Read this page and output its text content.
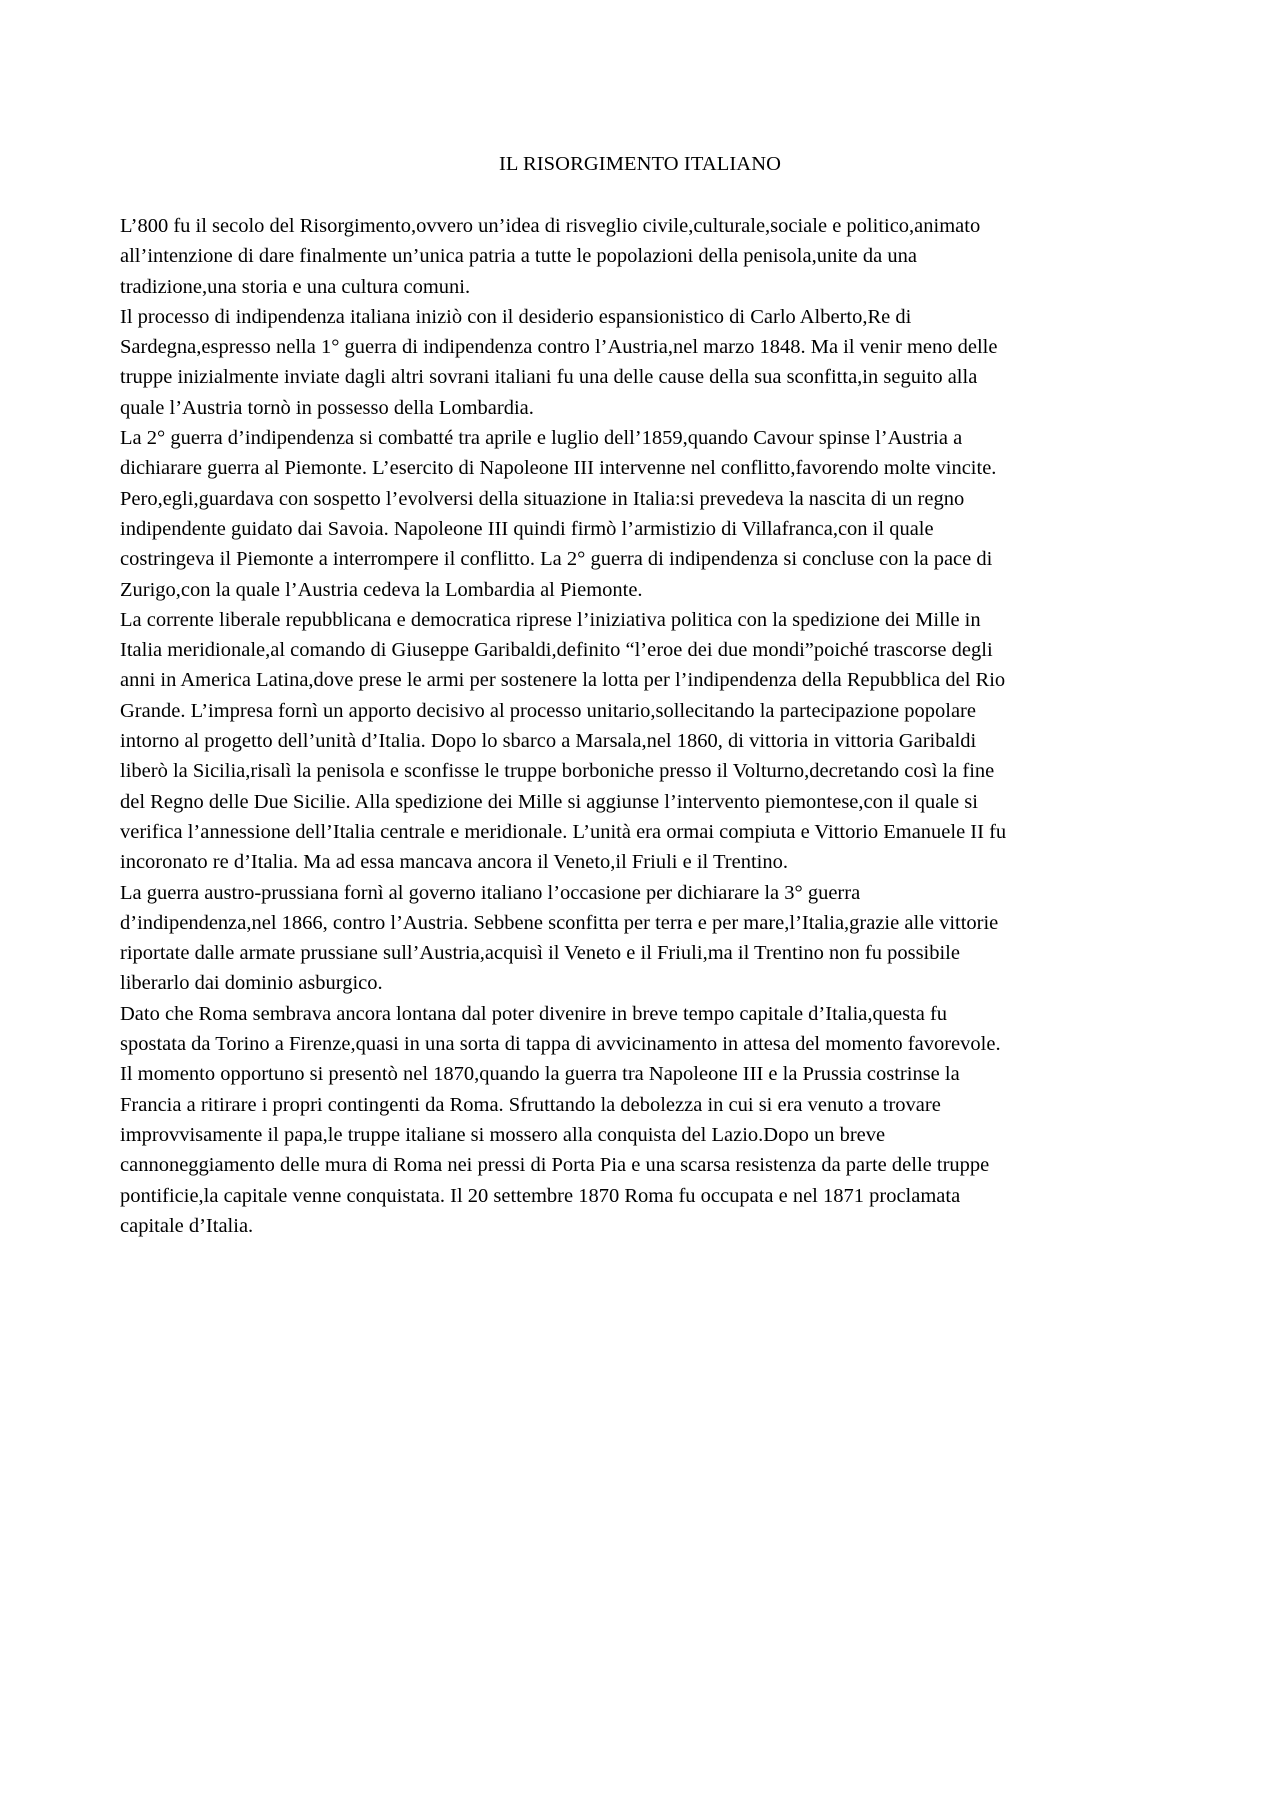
IL RISORGIMENTO ITALIANO
L’800 fu il secolo del Risorgimento,ovvero un’idea di risveglio civile,culturale,sociale e politico,animato
all’intenzione di dare finalmente un’unica patria a tutte le popolazioni della penisola,unite da una
tradizione,una storia e una cultura comuni.
Il processo di indipendenza italiana iniziò con il desiderio espansionistico di Carlo Alberto,Re di
Sardegna,espresso nella 1° guerra di indipendenza contro l’Austria,nel marzo 1848. Ma il venir meno delle
truppe inizialmente inviate dagli altri sovrani italiani fu una delle cause della sua sconfitta,in seguito alla
quale l’Austria tornò in possesso della Lombardia.
La 2° guerra d’indipendenza si combatté tra aprile e luglio dell’1859,quando Cavour spinse l’Austria a
dichiarare guerra al Piemonte. L’esercito di Napoleone III intervenne nel conflitto,favorendo molte vincite.
Pero,egli,guardava con sospetto l’evolversi della situazione in Italia:si prevedeva la nascita di un regno
indipendente guidato dai Savoia. Napoleone III quindi firmò l’armistizio di Villafranca,con il quale
costringeva il Piemonte a interrompere il conflitto. La 2° guerra di indipendenza si concluse con la pace di
Zurigo,con la quale l’Austria cedeva la Lombardia al Piemonte.
La corrente liberale repubblicana e democratica riprese l’iniziativa politica con la spedizione dei Mille in
Italia meridionale,al comando di Giuseppe Garibaldi,definito “l’eroe dei due mondi”poiché trascorse degli
anni in America Latina,dove prese le armi per sostenere la lotta per l’indipendenza della Repubblica del Rio
Grande. L’impresa fornì un apporto decisivo al processo unitario,sollecitando la partecipazione popolare
intorno al progetto dell’unità d’Italia. Dopo lo sbarco a Marsala,nel 1860, di vittoria in vittoria Garibaldi
liberò la Sicilia,risalì la penisola e sconfisse le truppe borboniche presso il Volturno,decretando così la fine
del Regno delle Due Sicilie. Alla spedizione dei Mille si aggiunse l’intervento piemontese,con il quale si
verifica l’annessione dell’Italia centrale e meridionale. L’unità era ormai compiuta e Vittorio Emanuele II fu
incoronato re d’Italia. Ma ad essa mancava ancora il Veneto,il Friuli e il Trentino.
La guerra austro-prussiana fornì al governo italiano l’occasione per dichiarare la 3° guerra
d’indipendenza,nel 1866, contro l’Austria. Sebbene sconfitta per terra e per mare,l’Italia,grazie alle vittorie
riportate dalle armate prussiane sull’Austria,acquisì il Veneto e il Friuli,ma il Trentino non fu possibile
liberarlo dai dominio asburgico.
Dato che Roma sembrava ancora lontana dal poter divenire in breve tempo capitale d’Italia,questa fu
spostata da Torino a Firenze,quasi in una sorta di tappa di avvicinamento in attesa del momento favorevole.
Il momento opportuno si presentò nel 1870,quando la guerra tra Napoleone III e la Prussia costrinse la
Francia a ritirare i propri contingenti da Roma. Sfruttando la debolezza in cui si era venuto a trovare
improvvisamente il papa,le truppe italiane si mossero alla conquista del Lazio.Dopo un breve
cannoneggiamento delle mura di Roma nei pressi di Porta Pia e una scarsa resistenza da parte delle truppe
pontificie,la capitale venne conquistata. Il 20 settembre 1870 Roma fu occupata e nel 1871 proclamata
capitale d’Italia.
